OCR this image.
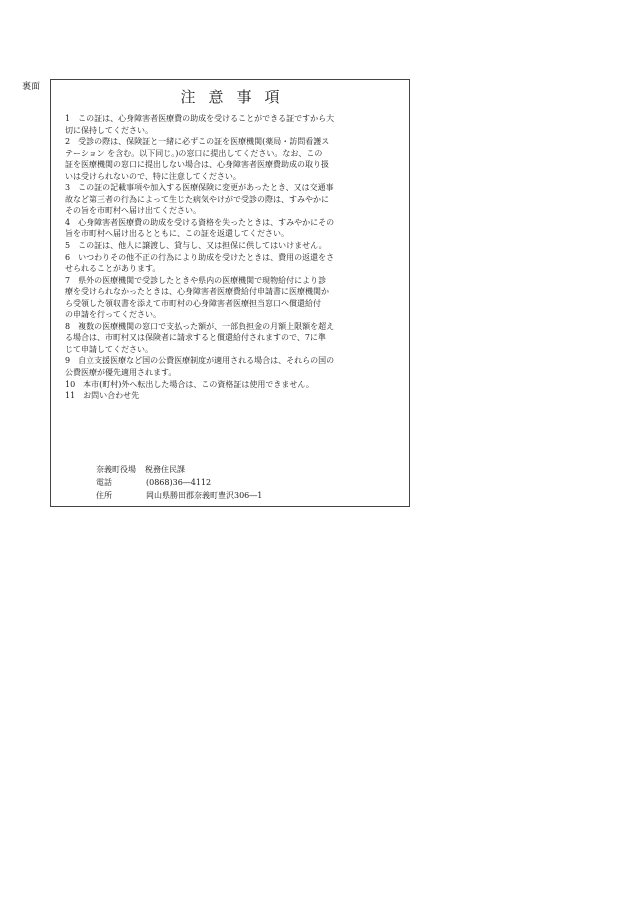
裏面
注意事項
1　この証は、心身障害者医療費の助成を受けることができる証ですから大
切に保持してください。
2　受診の際は、保険証と一緒に必ずこの証を医療機関(薬局・訪問看護ス
テーション を含む。以下同じ。)の窓口に提出してください。なお、この
証を医療機関の窓口に提出しない場合は、心身障害者医療費助成の取り扱
いは受けられないので、特に注意してください。
3　この証の記載事項や加入する医療保険に変更があったとき、又は交通事
故など第三者の行為によって生じた病気やけがで受診の際は、すみやかに
その旨を市町村へ届け出てください。
4　心身障害者医療費の助成を受ける資格を失ったときは、すみやかにその
旨を市町村へ届け出るとともに、この証を返還してください。
5　この証は、他人に譲渡し、貸与し、又は担保に供してはいけません。
6　いつわりその他不正の行為により助成を受けたときは、費用の返還をさ
せられることがあります。
7　県外の医療機関で受診したときや県内の医療機関で現物給付により診
療を受けられなかったときは、心身障害者医療費給付申請書に医療機関か
ら受領した領収書を添えて市町村の心身障害者医療担当窓口へ償還給付
の申請を行ってください。
8　複数の医療機関の窓口で支払った額が、一部負担金の月額上限額を超え
る場合は、市町村又は保険者に請求すると償還給付されますので、7に準
じて申請してください。
9　自立支援医療など国の公費医療制度が適用される場合は、それらの国の
公費医療が優先適用されます。
10　本市(町村)外へ転出した場合は、この資格証は使用できません。
11　お問い合わせ先
奈義町役場 税務住民課
電話	(0868)36―4112
住所	岡山県勝田郡奈義町豊沢306―1
